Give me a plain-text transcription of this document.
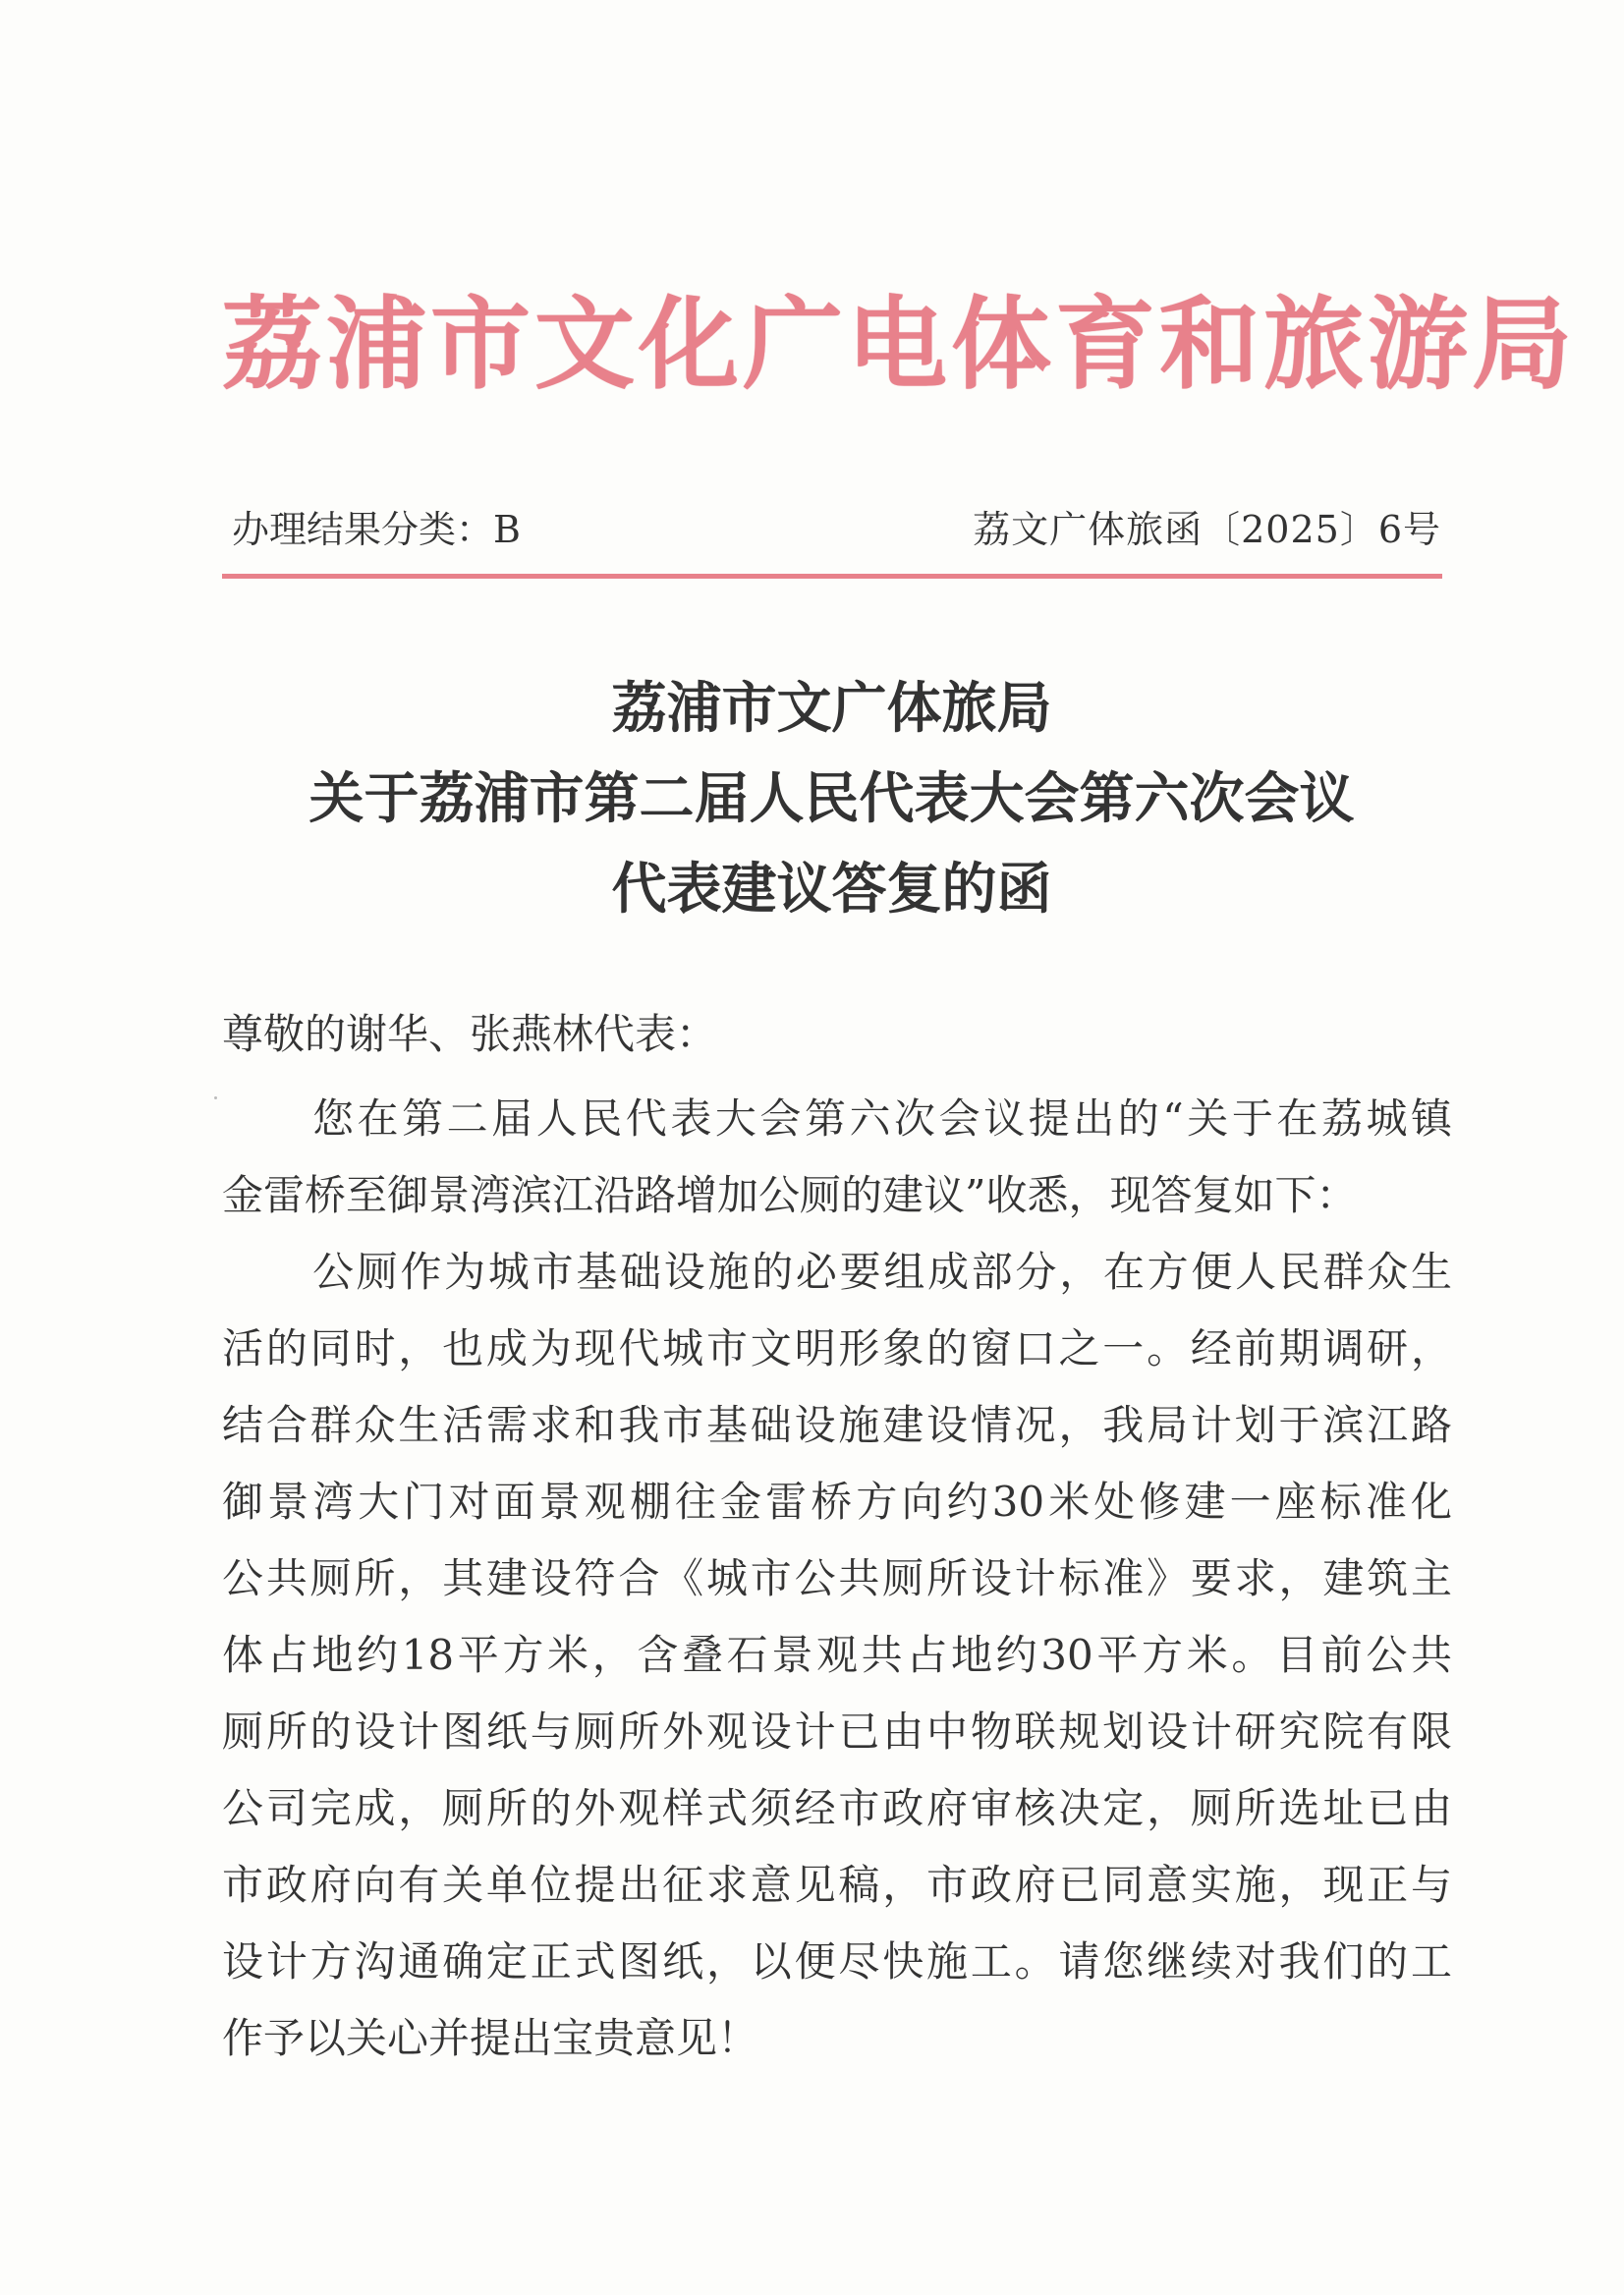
荔浦市文化广电体育和旅游局
办理结果分类：B	荔文广体旅函〔2025〕6号
荔浦市文广体旅局
关于荔浦市第二届人民代表大会第六次会议
代表建议答复的函
尊敬的谢华、张燕林代表：
您在第二届人民代表大会第六次会议提出的“关于在荔城镇
金雷桥至御景湾滨江沿路增加公厕的建议”收悉，现答复如下：
公厕作为城市基础设施的必要组成部分，在方便人民群众生
活的同时，也成为现代城市文明形象的窗口之一。经前期调研，
结合群众生活需求和我市基础设施建设情况，我局计划于滨江路
御景湾大门对面景观棚往金雷桥方向约30米处修建一座标准化
公共厕所，其建设符合《城市公共厕所设计标准》要求，建筑主
体占地约18平方米，含叠石景观共占地约30平方米。目前公共
厕所的设计图纸与厕所外观设计已由中物联规划设计研究院有限
公司完成，厕所的外观样式须经市政府审核决定，厕所选址已由
市政府向有关单位提出征求意见稿，市政府已同意实施，现正与
设计方沟通确定正式图纸，以便尽快施工。请您继续对我们的工
作予以关心并提出宝贵意见！
